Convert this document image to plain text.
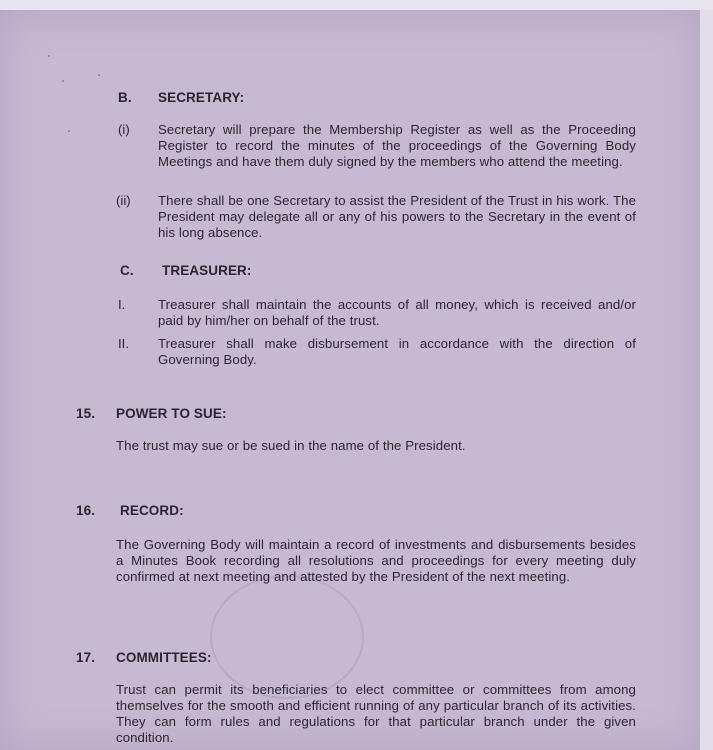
B. SECRETARY:
(i) Secretary will prepare the Membership Register as well as the Proceeding Register to record the minutes of the proceedings of the Governing Body Meetings and have them duly signed by the members who attend the meeting.
(ii) There shall be one Secretary to assist the President of the Trust in his work. The President may delegate all or any of his powers to the Secretary in the event of his long absence.
C. TREASURER:
I. Treasurer shall maintain the accounts of all money, which is received and/or paid by him/her on behalf of the trust.
II. Treasurer shall make disbursement in accordance with the direction of Governing Body.
15. POWER TO SUE:
The trust may sue or be sued in the name of the President.
16. RECORD:
The Governing Body will maintain a record of investments and disbursements besides a Minutes Book recording all resolutions and proceedings for every meeting duly confirmed at next meeting and attested by the President of the next meeting.
17. COMMITTEES:
Trust can permit its beneficiaries to elect committee or committees from among themselves for the smooth and efficient running of any particular branch of its activities. They can form rules and regulations for that particular branch under the given condition.
